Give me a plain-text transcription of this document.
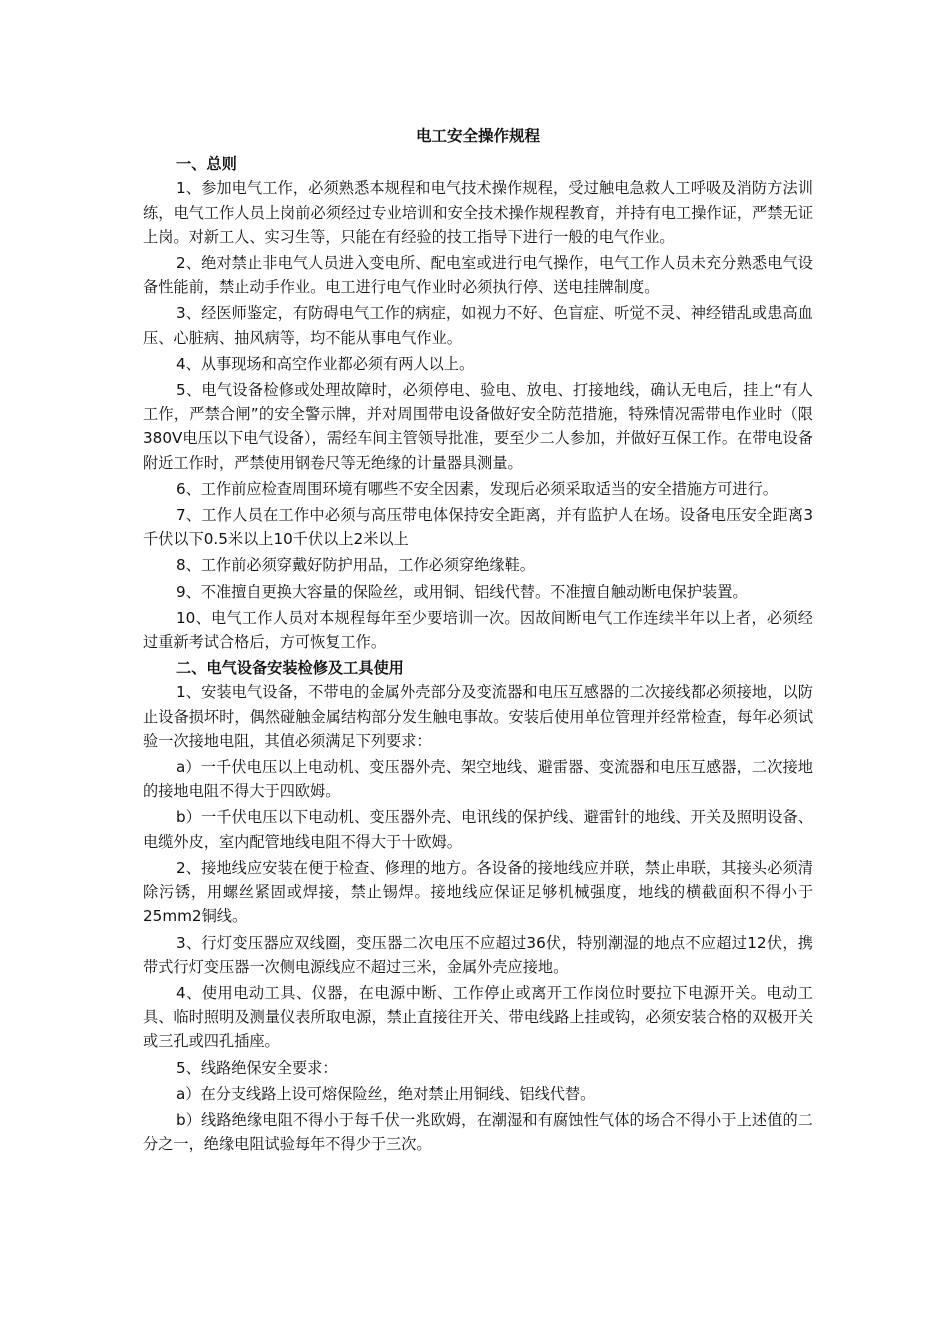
电工安全操作规程
一、总则
1、参加电气工作，必须熟悉本规程和电气技术操作规程，受过触电急救人工呼吸及消防方法训练，电气工作人员上岗前必须经过专业培训和安全技术操作规程教育，并持有电工操作证，严禁无证上岗。对新工人、实习生等，只能在有经验的技工指导下进行一般的电气作业。
2、绝对禁止非电气人员进入变电所、配电室或进行电气操作，电气工作人员未充分熟悉电气设备性能前，禁止动手作业。电工进行电气作业时必须执行停、送电挂牌制度。
3、经医师鉴定，有防碍电气工作的病症，如视力不好、色盲症、听觉不灵、神经错乱或患高血压、心脏病、抽风病等，均不能从事电气作业。
4、从事现场和高空作业都必须有两人以上。
5、电气设备检修或处理故障时，必须停电、验电、放电、打接地线，确认无电后，挂上“有人工作，严禁合闸”的安全警示牌，并对周围带电设备做好安全防范措施，特殊情况需带电作业时（限380V电压以下电气设备），需经车间主管领导批准，要至少二人参加，并做好互保工作。在带电设备附近工作时，严禁使用钢卷尺等无绝缘的计量器具测量。
6、工作前应检查周围环境有哪些不安全因素，发现后必须采取适当的安全措施方可进行。
7、工作人员在工作中必须与高压带电体保持安全距离，并有监护人在场。设备电压安全距离3千伏以下0.5米以上10千伏以上2米以上
8、工作前必须穿戴好防护用品，工作必须穿绝缘鞋。
9、不准擅自更换大容量的保险丝，或用铜、铝线代替。不准擅自触动断电保护装置。
10、电气工作人员对本规程每年至少要培训一次。因故间断电气工作连续半年以上者，必须经过重新考试合格后，方可恢复工作。
二、电气设备安装检修及工具使用
1、安装电气设备，不带电的金属外壳部分及变流器和电压互感器的二次接线都必须接地，以防止设备损坏时，偶然碰触金属结构部分发生触电事故。安装后使用单位管理并经常检查，每年必须试验一次接地电阻，其值必须满足下列要求：
a）一千伏电压以上电动机、变压器外壳、架空地线、避雷器、变流器和电压互感器，二次接地的接地电阻不得大于四欧姆。
b）一千伏电压以下电动机、变压器外壳、电讯线的保护线、避雷针的地线、开关及照明设备、电缆外皮，室内配管地线电阻不得大于十欧姆。
2、接地线应安装在便于检查、修理的地方。各设备的接地线应并联，禁止串联，其接头必须清除污锈，用螺丝紧固或焊接，禁止锡焊。接地线应保证足够机械强度，地线的横截面积不得小于25mm2铜线。
3、行灯变压器应双线圈，变压器二次电压不应超过36伏，特别潮湿的地点不应超过12伏，携带式行灯变压器一次侧电源线应不超过三米，金属外壳应接地。
4、使用电动工具、仪器，在电源中断、工作停止或离开工作岗位时要拉下电源开关。电动工具、临时照明及测量仪表所取电源，禁止直接往开关、带电线路上挂或钩，必须安装合格的双极开关或三孔或四孔插座。
5、线路绝保安全要求：
a）在分支线路上设可熔保险丝，绝对禁止用铜线、铝线代替。
b）线路绝缘电阻不得小于每千伏一兆欧姆，在潮湿和有腐蚀性气体的场合不得小于上述值的二分之一，绝缘电阻试验每年不得少于三次。
